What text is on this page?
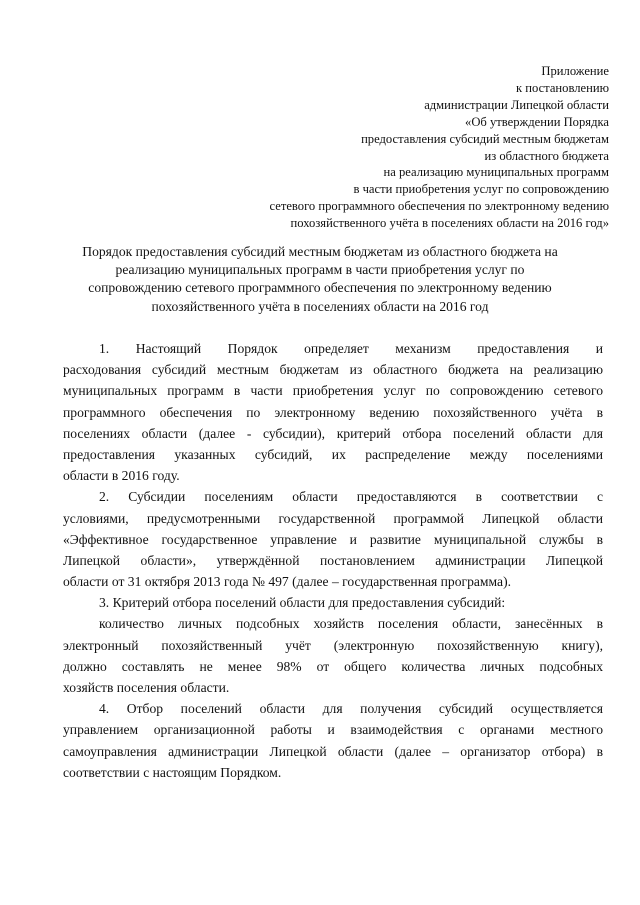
Приложение
к постановлению
администрации Липецкой области
«Об утверждении Порядка
предоставления субсидий местным бюджетам
из областного бюджета
на реализацию муниципальных программ
в части приобретения услуг по сопровождению
сетевого программного обеспечения по электронному ведению
похозяйственного учёта в поселениях области на 2016 год»
Порядок предоставления субсидий местным бюджетам из областного бюджета на
реализацию муниципальных программ в части приобретения услуг по
сопровождению сетевого программного обеспечения по электронному ведению
похозяйственного учёта в поселениях области на 2016 год
1. Настоящий Порядок определяет механизм предоставления и
расходования субсидий местным бюджетам из областного бюджета на реализацию
муниципальных программ в части приобретения услуг по сопровождению сетевого
программного обеспечения по электронному ведению похозяйственного учёта в
поселениях области (далее - субсидии), критерий отбора поселений области для
предоставления указанных субсидий, их распределение между поселениями
области в 2016 году.
2. Субсидии поселениям области предоставляются в соответствии с
условиями, предусмотренными государственной программой Липецкой области
«Эффективное государственное управление и развитие муниципальной службы в
Липецкой области», утверждённой постановлением администрации Липецкой
области от 31 октября 2013 года № 497 (далее – государственная программа).
3. Критерий отбора поселений области для предоставления субсидий:
количество личных подсобных хозяйств поселения области, занесённых в
электронный похозяйственный учёт (электронную похозяйственную книгу),
должно составлять не менее 98% от общего количества личных подсобных
хозяйств поселения области.
4. Отбор поселений области для получения субсидий осуществляется
управлением организационной работы и взаимодействия с органами местного
самоуправления администрации Липецкой области (далее – организатор отбора) в
соответствии с настоящим Порядком.
